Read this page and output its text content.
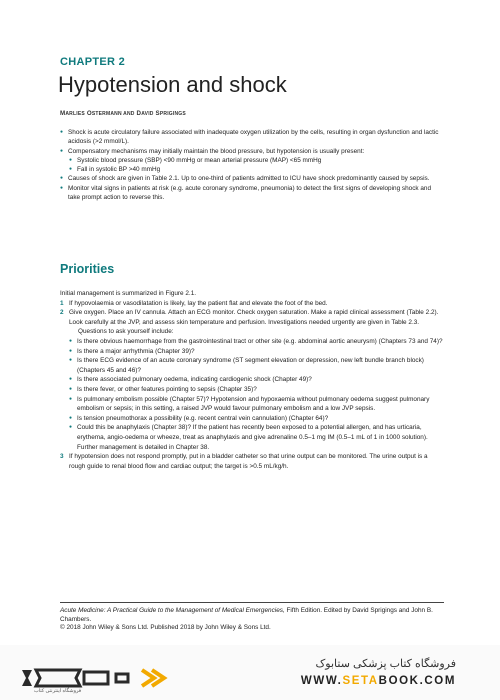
CHAPTER 2
Hypotension and shock
MARLIES OSTERMANN AND DAVID SPRIGINGS
● Shock is acute circulatory failure associated with inadequate oxygen utilization by the cells, resulting in organ dysfunction and lactic acidosis (>2 mmol/L).
● Compensatory mechanisms may initially maintain the blood pressure, but hypotension is usually present:
● Systolic blood pressure (SBP) <90 mmHg or mean arterial pressure (MAP) <65 mmHg
● Fall in systolic BP >40 mmHg
● Causes of shock are given in Table 2.1. Up to one-third of patients admitted to ICU have shock predominantly caused by sepsis.
● Monitor vital signs in patients at risk (e.g. acute coronary syndrome, pneumonia) to detect the first signs of developing shock and take prompt action to reverse this.
Priorities
Initial management is summarized in Figure 2.1.
1 If hypovolaemia or vasodilatation is likely, lay the patient flat and elevate the foot of the bed.
2 Give oxygen. Place an IV cannula. Attach an ECG monitor. Check oxygen saturation. Make a rapid clinical assessment (Table 2.2). Look carefully at the JVP, and assess skin temperature and perfusion. Investigations needed urgently are given in Table 2.3.
Questions to ask yourself include:
● Is there obvious haemorrhage from the gastrointestinal tract or other site (e.g. abdominal aortic aneurysm) (Chapters 73 and 74)?
● Is there a major arrhythmia (Chapter 39)?
● Is there ECG evidence of an acute coronary syndrome (ST segment elevation or depression, new left bundle branch block) (Chapters 45 and 46)?
● Is there associated pulmonary oedema, indicating cardiogenic shock (Chapter 49)?
● Is there fever, or other features pointing to sepsis (Chapter 35)?
● Is pulmonary embolism possible (Chapter 57)? Hypotension and hypoxaemia without pulmonary oedema suggest pulmonary embolism or sepsis; in this setting, a raised JVP would favour pulmonary embolism and a low JVP sepsis.
● Is tension pneumothorax a possibility (e.g. recent central vein cannulation) (Chapter 64)?
● Could this be anaphylaxis (Chapter 38)? If the patient has recently been exposed to a potential allergen, and has urticaria, erythema, angio-oedema or wheeze, treat as anaphylaxis and give adrenaline 0.5–1 mg IM (0.5–1 mL of 1 in 1000 solution). Further management is detailed in Chapter 38.
3 If hypotension does not respond promptly, put in a bladder catheter so that urine output can be monitored. The urine output is a rough guide to renal blood flow and cardiac output; the target is >0.5 mL/kg/h.
Acute Medicine: A Practical Guide to the Management of Medical Emergencies, Fifth Edition. Edited by David Sprigings and John B. Chambers.
© 2018 John Wiley & Sons Ltd. Published 2018 by John Wiley & Sons Ltd.
فروشگاه اینترنتی کتاب
فروشگاه کتاب پزشکی ستابوک
WWW.SETABOOK.COM
